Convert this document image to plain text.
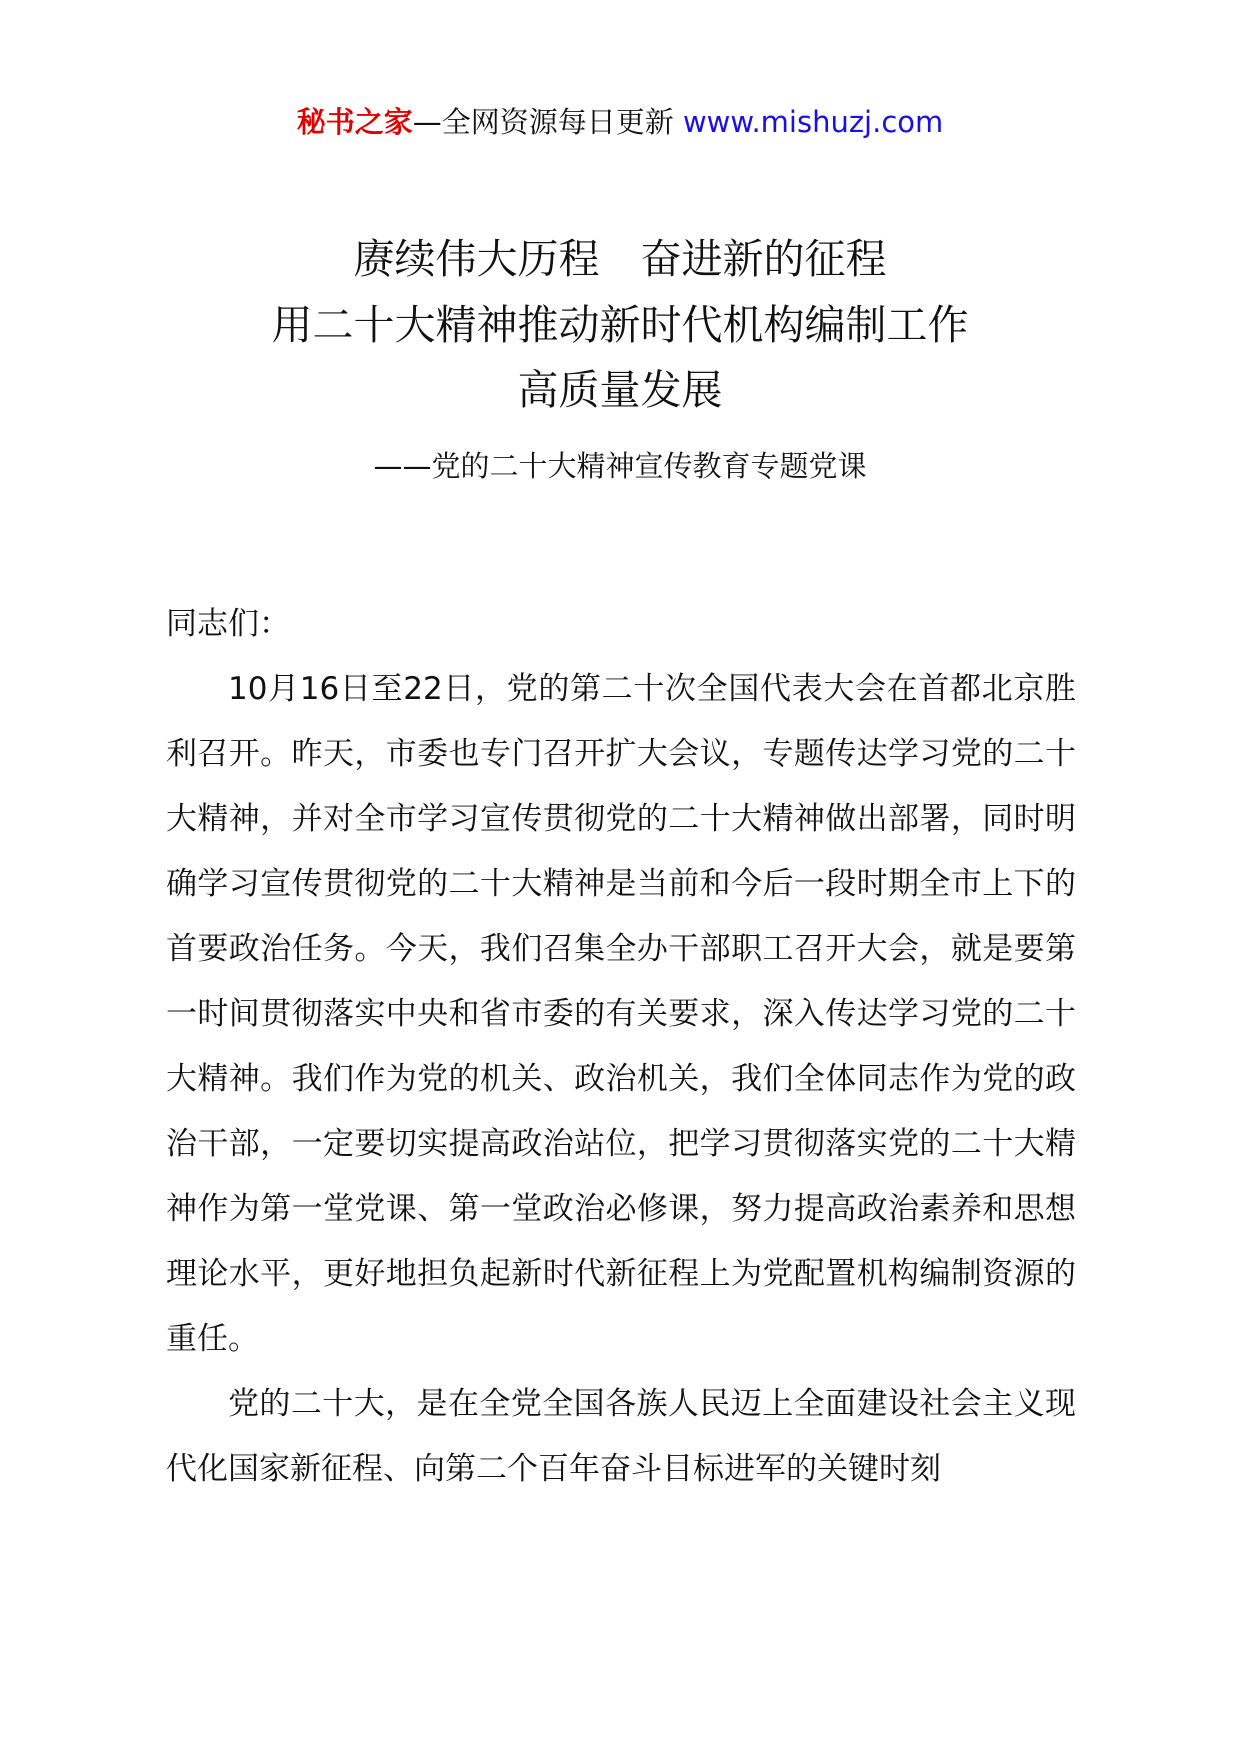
秘书之家—全网资源每日更新 www.mishuzj.com
赓续伟大历程　奋进新的征程
用二十大精神推动新时代机构编制工作
高质量发展
——党的二十大精神宣传教育专题党课

同志们：

10月16日至22日，党的第二十次全国代表大会在首都北京胜利召开。昨天，市委也专门召开扩大会议，专题传达学习党的二十大精神，并对全市学习宣传贯彻党的二十大精神做出部署，同时明确学习宣传贯彻党的二十大精神是当前和今后一段时期全市上下的首要政治任务。今天，我们召集全办干部职工召开大会，就是要第一时间贯彻落实中央和省市委的有关要求，深入传达学习党的二十大精神。我们作为党的机关、政治机关，我们全体同志作为党的政治干部，一定要切实提高政治站位，把学习贯彻落实党的二十大精神作为第一堂党课、第一堂政治必修课，努力提高政治素养和思想理论水平，更好地担负起新时代新征程上为党配置机构编制资源的重任。

党的二十大，是在全党全国各族人民迈上全面建设社会主义现代化国家新征程、向第二个百年奋斗目标进军的关键时刻
